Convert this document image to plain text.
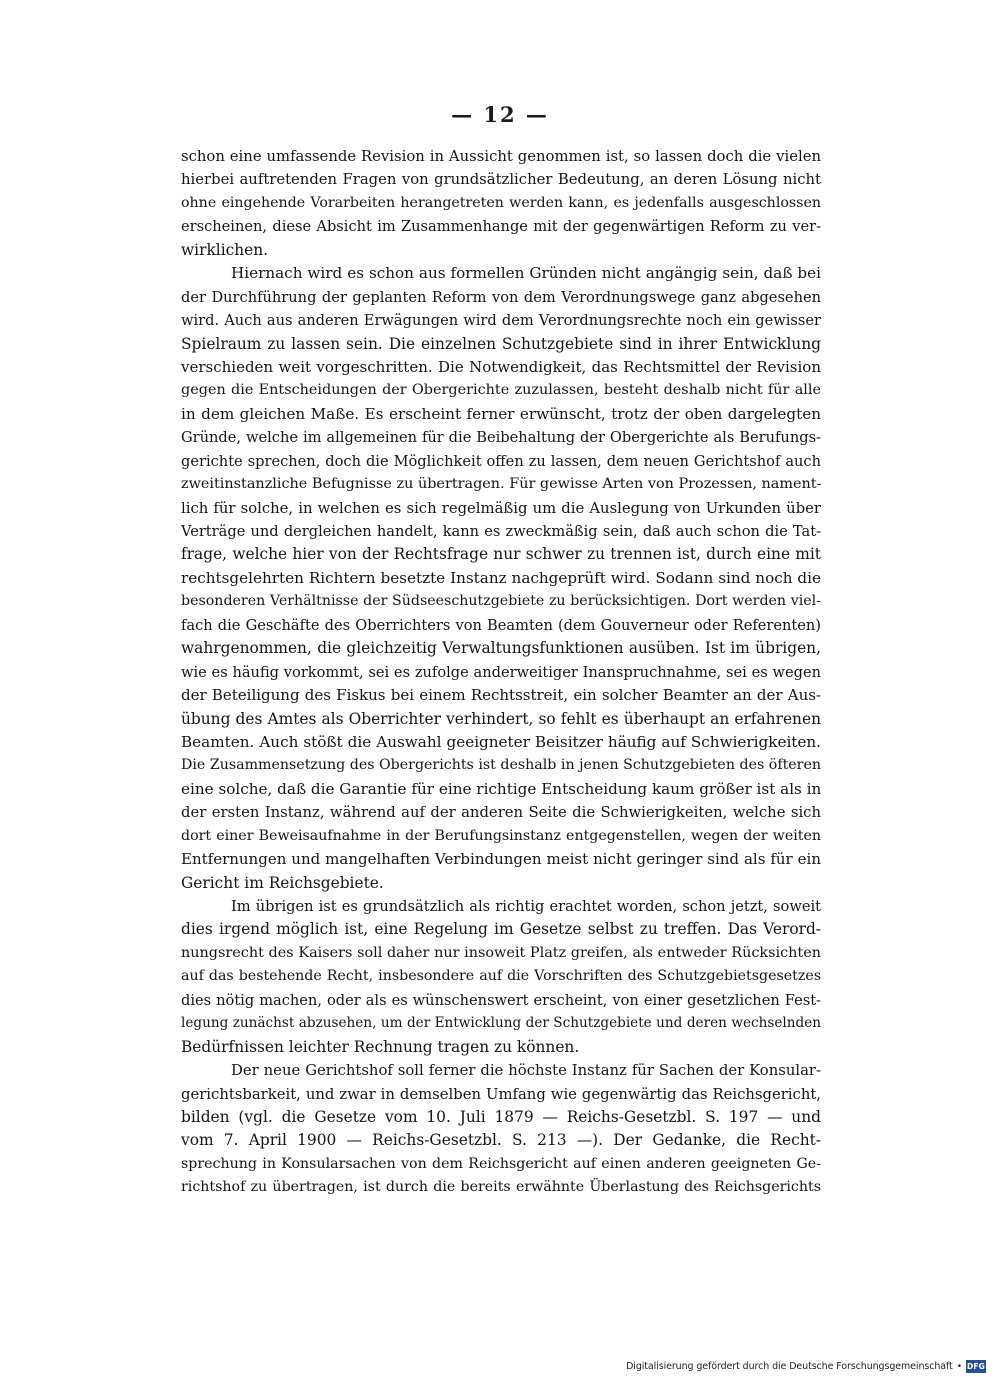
— 12 —
schon eine umfassende Revision in Aussicht genommen ist, so lassen doch die vielen
hierbei auftretenden Fragen von grundsätzlicher Bedeutung, an deren Lösung nicht
ohne eingehende Vorarbeiten herangetreten werden kann, es jedenfalls ausgeschlossen
erscheinen, diese Absicht im Zusammenhange mit der gegenwärtigen Reform zu ver-
wirklichen.
Hiernach wird es schon aus formellen Gründen nicht angängig sein, daß bei
der Durchführung der geplanten Reform von dem Verordnungswege ganz abgesehen
wird. Auch aus anderen Erwägungen wird dem Verordnungsrechte noch ein gewisser
Spielraum zu lassen sein. Die einzelnen Schutzgebiete sind in ihrer Entwicklung
verschieden weit vorgeschritten. Die Notwendigkeit, das Rechtsmittel der Revision
gegen die Entscheidungen der Obergerichte zuzulassen, besteht deshalb nicht für alle
in dem gleichen Maße. Es erscheint ferner erwünscht, trotz der oben dargelegten
Gründe, welche im allgemeinen für die Beibehaltung der Obergerichte als Berufungs-
gerichte sprechen, doch die Möglichkeit offen zu lassen, dem neuen Gerichtshof auch
zweitinstanzliche Befugnisse zu übertragen. Für gewisse Arten von Prozessen, nament-
lich für solche, in welchen es sich regelmäßig um die Auslegung von Urkunden über
Verträge und dergleichen handelt, kann es zweckmäßig sein, daß auch schon die Tat-
frage, welche hier von der Rechtsfrage nur schwer zu trennen ist, durch eine mit
rechtsgelehrten Richtern besetzte Instanz nachgeprüft wird. Sodann sind noch die
besonderen Verhältnisse der Südseeschutzgebiete zu berücksichtigen. Dort werden viel-
fach die Geschäfte des Oberrichters von Beamten (dem Gouverneur oder Referenten)
wahrgenommen, die gleichzeitig Verwaltungsfunktionen ausüben. Ist im übrigen,
wie es häufig vorkommt, sei es zufolge anderweitiger Inanspruchnahme, sei es wegen
der Beteiligung des Fiskus bei einem Rechtsstreit, ein solcher Beamter an der Aus-
übung des Amtes als Oberrichter verhindert, so fehlt es überhaupt an erfahrenen
Beamten. Auch stößt die Auswahl geeigneter Beisitzer häufig auf Schwierigkeiten.
Die Zusammensetzung des Obergerichts ist deshalb in jenen Schutzgebieten des öfteren
eine solche, daß die Garantie für eine richtige Entscheidung kaum größer ist als in
der ersten Instanz, während auf der anderen Seite die Schwierigkeiten, welche sich
dort einer Beweisaufnahme in der Berufungsinstanz entgegenstellen, wegen der weiten
Entfernungen und mangelhaften Verbindungen meist nicht geringer sind als für ein
Gericht im Reichsgebiete.
Im übrigen ist es grundsätzlich als richtig erachtet worden, schon jetzt, soweit
dies irgend möglich ist, eine Regelung im Gesetze selbst zu treffen. Das Verord-
nungsrecht des Kaisers soll daher nur insoweit Platz greifen, als entweder Rücksichten
auf das bestehende Recht, insbesondere auf die Vorschriften des Schutzgebietsgesetzes
dies nötig machen, oder als es wünschenswert erscheint, von einer gesetzlichen Fest-
legung zunächst abzusehen, um der Entwicklung der Schutzgebiete und deren wechselnden
Bedürfnissen leichter Rechnung tragen zu können.
Der neue Gerichtshof soll ferner die höchste Instanz für Sachen der Konsular-
gerichtsbarkeit, und zwar in demselben Umfang wie gegenwärtig das Reichsgericht,
bilden (vgl. die Gesetze vom 10. Juli 1879 — Reichs-Gesetzbl. S. 197 — und
vom 7. April 1900 — Reichs-Gesetzbl. S. 213 —). Der Gedanke, die Recht-
sprechung in Konsularsachen von dem Reichsgericht auf einen anderen geeigneten Ge-
richtshof zu übertragen, ist durch die bereits erwähnte Überlastung des Reichsgerichts
Digitalisierung gefördert durch die Deutsche Forschungsgemeinschaft • DFG
